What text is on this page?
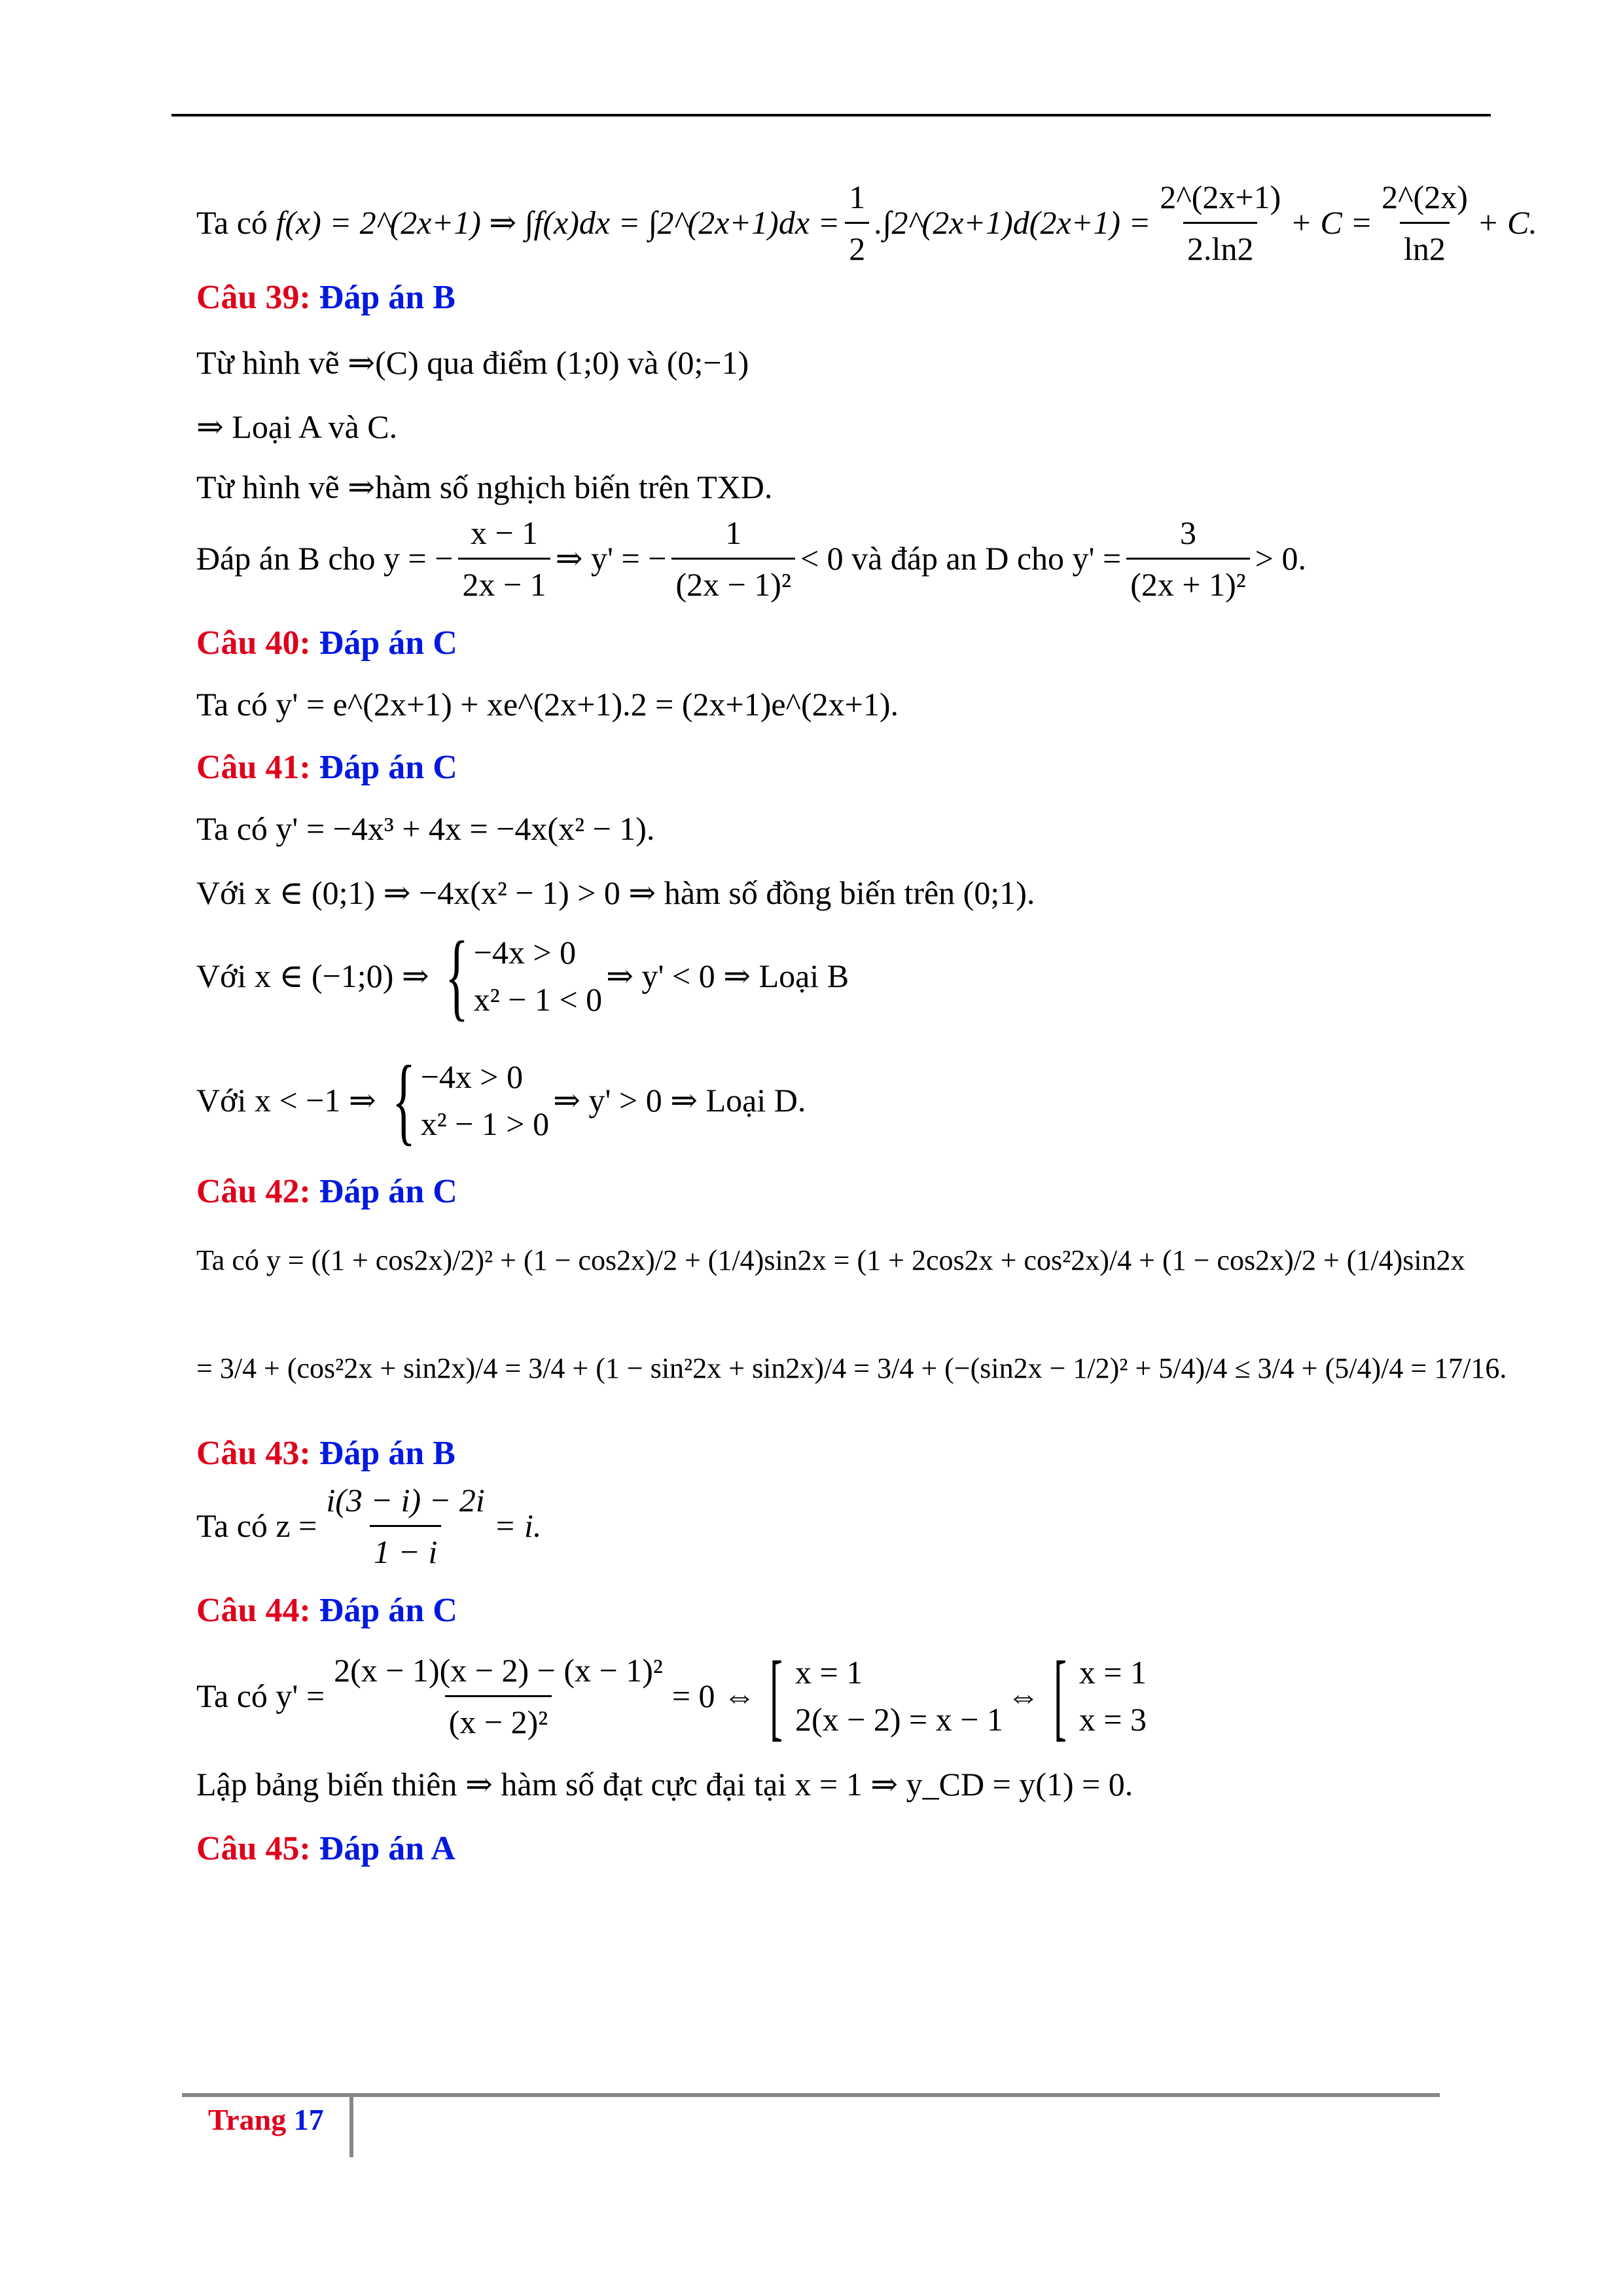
Ta có
f(x) = 2^(2x+1) ⇒ ∫f(x)dx = ∫2^(2x+1)dx = $\frac{1}{2}$ .∫2^(2x+1)d(2x+1) = $\frac{2\^{}(2x+1)}{2.\ln 2} + C = \frac{2\^{}(2x)}{\ln 2} + C$.
Câu 39:
Đáp án B
Từ hình vẽ ⇒(C) qua điểm (1;0) và (0;−1)
⇒ Loại A và C.
Từ hình vẽ ⇒hàm số nghịch biến trên TXD.
Đáp án B cho y = − $\frac{x - 1}{2x - 1}$ ⇒ y' = − $\frac{1}{\text{(2x − 1)²}} < 0$ và đáp an D cho $y' = \frac{3}{\text{(2x + 1)²}} > 0$.
Câu 40:
Đáp án C
Ta có y' = e^(2x+1) + xe^(2x+1).2 = (2x+1)e^(2x+1).
Câu 41:
Đáp án C
Ta có y' = −4x³ + 4x = −4x(x² − 1).
Với x ∈ (0;1) ⇒ −4x(x² − 1) > 0 ⇒ hàm số đồng biến trên (0;1).
Với x ∈ (−1;0) ⇒ { −4x > 0
x² − 1 < 0
⇒ y' < 0 ⇒ Loại B
Với x < −1 ⇒ { −4x > 0
x² − 1 > 0
⇒ y' > 0 ⇒ Loại D.
Câu 42:
Đáp án C
Ta có y = ((1 + cos2x)/2)² + (1 − cos2x)/2 + (1/4)sin2x = (1 + 2cos2x + cos²2x)/4 + (1 − cos2x)/2 + (1/4)sin2x
= 3/4 + (cos²2x + sin2x)/4 = 3/4 + (1 − sin²2x + sin2x)/4 = 3/4 + (−(sin2x − 1/2)² + 5/4)/4 ≤ 3/4 + (5/4)/4 = 17/16.
Câu 43:
Đáp án B
Ta có $z = \frac{i(3 - i) - 2i}{1 - i} = i$.
Câu 44:
Đáp án C
Ta có $y' = \frac{\text{2(x − 1)(x − 2) − (x − 1)²}}{\text{(x − 2)²}} = 0$ ⇔ [ x = 1
2(x − 2) = x − 1
⇔ [ x = 1
x = 3
Lập bảng biến thiên ⇒ hàm số đạt cực đại tại x = 1 ⇒ y_CD = y(1) = 0.
Câu 45:
Đáp án A
Trang 17
